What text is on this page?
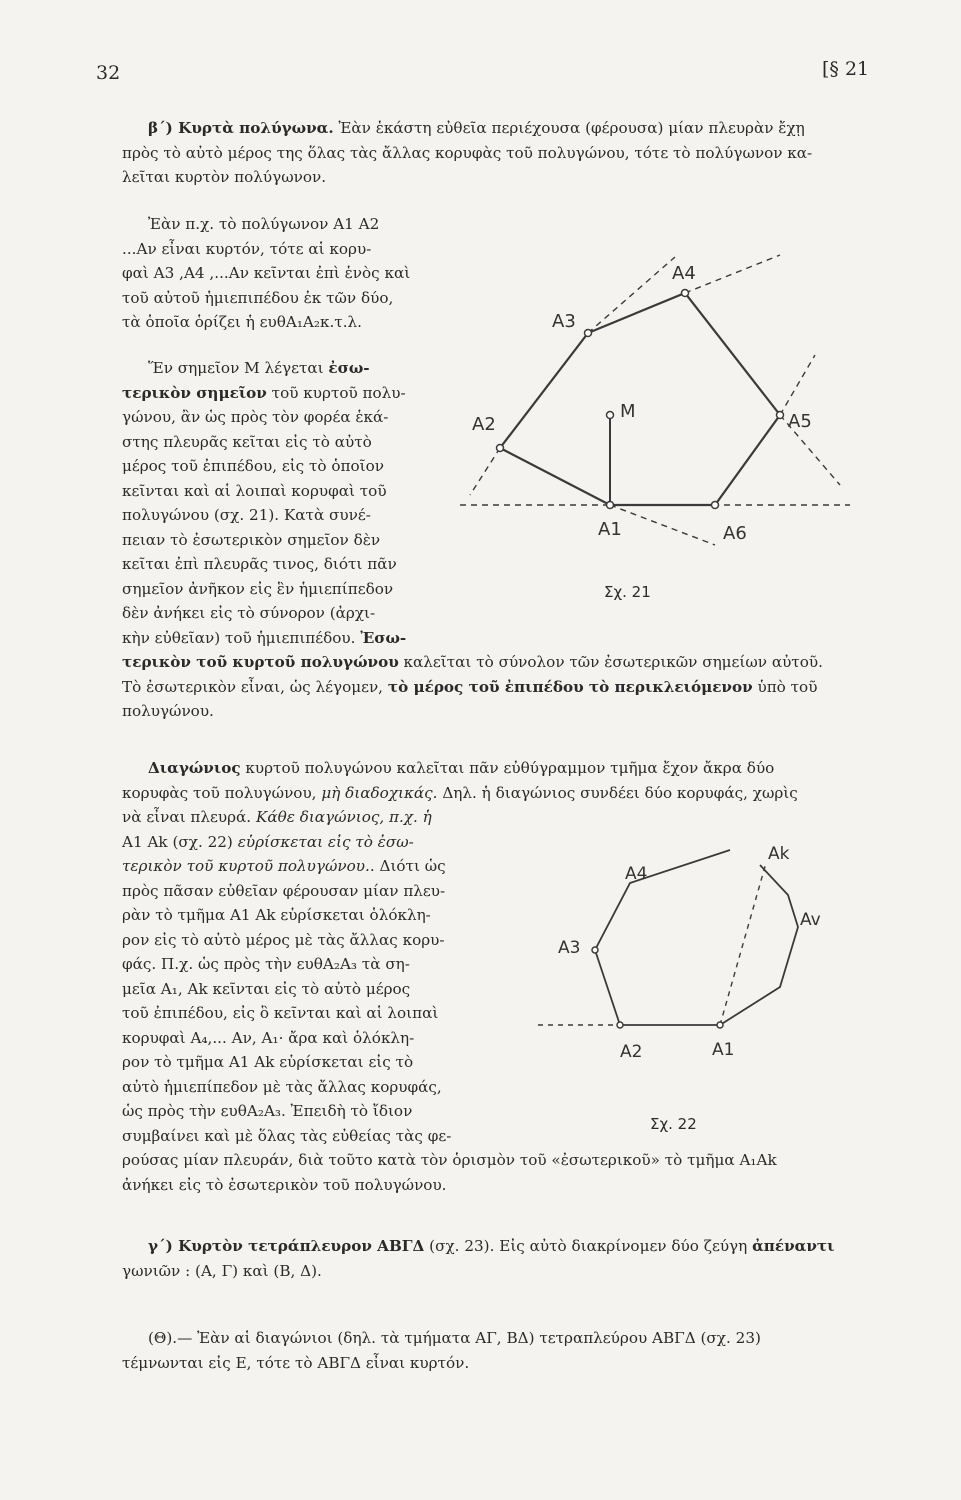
32	[§ 21
β΄) Κυρτὰ πολύγωνα. Ἐὰν ἑκάστη εὐθεῖα περιέχουσα (φέρουσα) μίαν πλευρὰν ἔχῃ
πρὸς τὸ αὐτὸ μέρος της ὅλας τὰς ἄλλας κορυφὰς τοῦ πολυγώνου, τότε τὸ πολύγωνον κα-
λεῖται κυρτὸν πολύγωνον.
Ἐὰν π.χ. τὸ πολύγωνον A1 A2
...Aν εἶναι κυρτόν, τότε αἱ κορυ-
φαὶ A3 ,A4 ,...Aν κεῖνται ἐπὶ ἑνὸς καὶ
τοῦ αὐτοῦ ἡμιεπιπέδου ἐκ τῶν δύο,
τὰ ὁποῖα ὁρίζει ἡ ευθA₁A₂κ.τ.λ.
Ἕν σημεῖον Μ λέγεται ἐσω-
τερικὸν σημεῖον τοῦ κυρτοῦ πολυ-
γώνου, ἂν ὡς πρὸς τὸν φορέα ἑκά-
στης πλευρᾶς κεῖται εἰς τὸ αὐτὸ
μέρος τοῦ ἐπιπέδου, εἰς τὸ ὁποῖον
κεῖνται καὶ αἱ λοιπαὶ κορυφαὶ τοῦ
πολυγώνου (σχ. 21). Κατὰ συνέ-
πειαν τὸ ἐσωτερικὸν σημεῖον δὲν
κεῖται ἐπὶ πλευρᾶς τινος, διότι πᾶν
σημεῖον ἀνῆκον εἰς ἓν ἡμιεπίπεδον
δὲν ἀνήκει εἰς τὸ σύνορον (ἀρχι-
κὴν εὐθεῖαν) τοῦ ἡμιεπιπέδου. Ἐσω-
τερικὸν τοῦ κυρτοῦ πολυγώνου καλεῖται τὸ σύνολον τῶν ἐσωτερικῶν σημείων αὐτοῦ.
Τὸ ἐσωτερικὸν εἶναι, ὡς λέγομεν, τὸ μέρος τοῦ ἐπιπέδου τὸ περικλειόμενον ὑπὸ τοῦ
πολυγώνου.
Διαγώνιος κυρτοῦ πολυγώνου καλεῖται πᾶν εὐθύγραμμον τμῆμα ἔχον ἄκρα δύο
κορυφὰς τοῦ πολυγώνου, μὴ διαδοχικάς. Δηλ. ἡ διαγώνιος συνδέει δύο κορυφάς, χωρὶς
νὰ εἶναι πλευρά. Κάθε διαγώνιος, π.χ. ἡ
A1 Ak (σχ. 22) εὑρίσκεται εἰς τὸ ἐσω-
τερικὸν τοῦ κυρτοῦ πολυγώνου.. Διότι ὡς
πρὸς πᾶσαν εὐθεῖαν φέρουσαν μίαν πλευ-
ρὰν τὸ τμῆμα A1 Ak εὑρίσκεται ὁλόκλη-
ρον εἰς τὸ αὐτὸ μέρος μὲ τὰς ἄλλας κορυ-
φάς. Π.χ. ὡς πρὸς τὴν ευθA₂A₃ τὰ ση-
μεῖα A₁, Ak κεῖνται εἰς τὸ αὐτὸ μέρος
τοῦ ἐπιπέδου, εἰς ὃ κεῖνται καὶ αἱ λοιπαὶ
κορυφαὶ A₄,... Aν, A₁· ἄρα καὶ ὁλόκλη-
ρον τὸ τμῆμα A1 Ak εὑρίσκεται εἰς τὸ
αὐτὸ ἡμιεπίπεδον μὲ τὰς ἄλλας κορυφάς,
ὡς πρὸς τὴν ευθA₂A₃. Ἐπειδὴ τὸ ἴδιον
συμβαίνει καὶ μὲ ὅλας τὰς εὐθείας τὰς φε-
ρούσας μίαν πλευράν, διὰ τοῦτο κατὰ τὸν ὁρισμὸν τοῦ «ἐσωτερικοῦ» τὸ τμῆμα A₁Ak
ἀνήκει εἰς τὸ ἐσωτερικὸν τοῦ πολυγώνου.
γ΄) Κυρτὸν τετράπλευρον ΑΒΓΔ (σχ. 23). Εἰς αὐτὸ διακρίνομεν δύο ζεύγη ἀπέναντι
γωνιῶν : (Α, Γ) καὶ (Β, Δ).
(Θ).— Ἐὰν αἱ διαγώνιοι (δηλ. τὰ τμήματα ΑΓ, ΒΔ) τετραπλεύρου ΑΒΓΔ (σχ. 23)
τέμνωνται εἰς Ε, τότε τὸ ΑΒΓΔ εἶναι κυρτόν.
A1
A2
A3
A4
A5
A6
M
Σχ. 21
A1
A2
A3
A4
Ak
Av
Σχ. 22
